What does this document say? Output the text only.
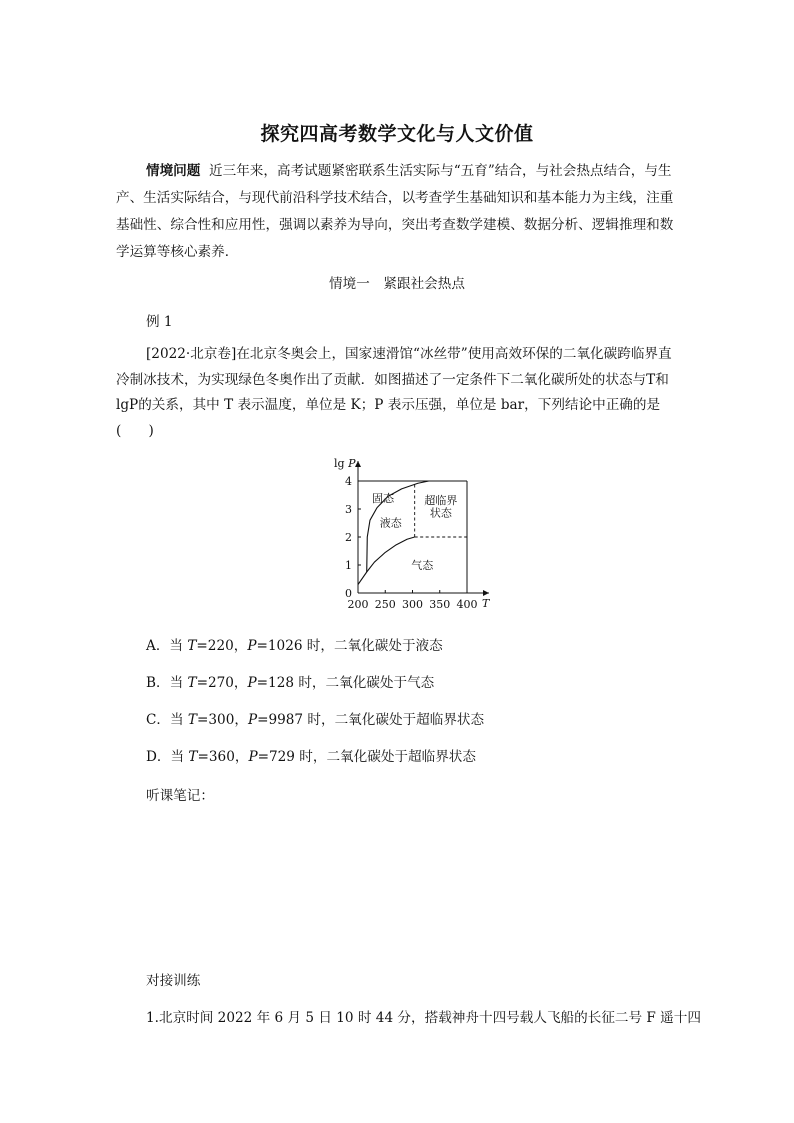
探究四高考数学文化与人文价值
情境问题 近三年来，高考试题紧密联系生活实际与“五育”结合，与社会热点结合，与生产、生活实际结合，与现代前沿科学技术结合，以考查学生基础知识和基本能力为主线，注重基础性、综合性和应用性，强调以素养为导向，突出考查数学建模、数据分析、逻辑推理和数学运算等核心素养．
情境一　紧跟社会热点
例 1
[2022·北京卷]在北京冬奥会上，国家速滑馆“冰丝带”使用高效环保的二氧化碳跨临界直冷制冰技术，为实现绿色冬奥作出了贡献．如图描述了一定条件下二氧化碳所处的状态与T和lgP的关系，其中 T 表示温度，单位是 K；P 表示压强，单位是 bar，下列结论中正确的是(　　)
200 250 300 350 400
0
1
2
3
4
lg P
T
固态
液态
超临界
状态
气态
A．当 T=220，P=1026 时，二氧化碳处于液态
B．当 T=270，P=128 时，二氧化碳处于气态
C．当 T=300，P=9987 时，二氧化碳处于超临界状态
D．当 T=360，P=729 时，二氧化碳处于超临界状态
听课笔记：
对接训练
1.北京时间 2022 年 6 月 5 日 10 时 44 分，搭载神舟十四号载人飞船的长征二号 F 遥十四
